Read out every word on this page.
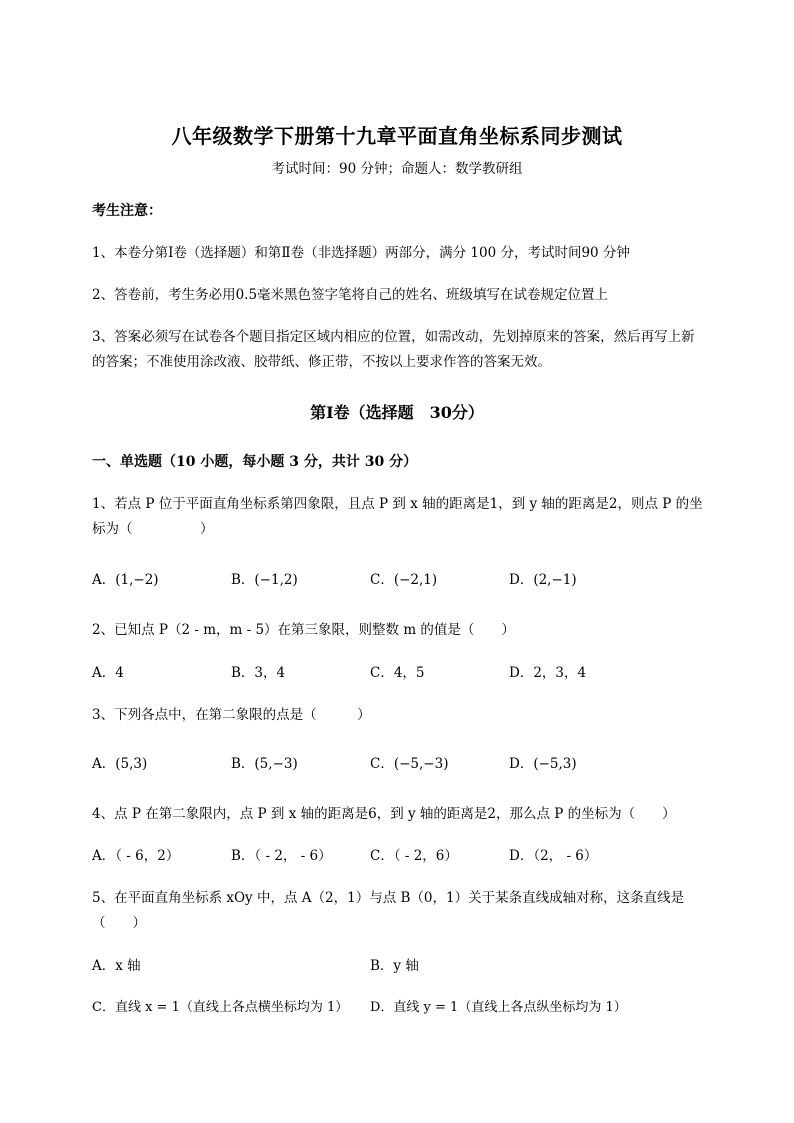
八年级数学下册第十九章平面直角坐标系同步测试
考试时间：90 分钟；命题人：数学教研组
考生注意：
1、本卷分第Ⅰ卷（选择题）和第Ⅱ卷（非选择题）两部分，满分 100 分，考试时间90 分钟
2、答卷前，考生务必用0.5毫米黑色签字笔将自己的姓名、班级填写在试卷规定位置上
3、答案必须写在试卷各个题目指定区域内相应的位置，如需改动，先划掉原来的答案，然后再写上新
的答案；不准使用涂改液、胶带纸、修正带，不按以上要求作答的答案无效。
第Ⅰ卷（选择题　30分）
一、单选题（10 小题，每小题 3 分，共计 30 分）
1、若点 P 位于平面直角坐标系第四象限，且点 P 到 x 轴的距离是1，到 y 轴的距离是2，则点 P 的坐
标为（　　　　　）
A．(1,−2)	B．(−1,2)	C．(−2,1)	D．(2,−1)
2、已知点 P（2 - m，m - 5）在第三象限，则整数 m 的值是（　　）
A．4	B．3，4	C．4，5	D．2，3，4
3、下列各点中，在第二象限的点是（　　　）
A．(5,3)	B．(5,−3)	C．(−5,−3)	D．(−5,3)
4、点 P 在第二象限内，点 P 到 x 轴的距离是6，到 y 轴的距离是2，那么点 P 的坐标为（　　）
A．（ - 6，2）	B．（ - 2， - 6）	C．（ - 2，6）	D．（2， - 6）
5、在平面直角坐标系 xOy 中，点 A（2，1）与点 B（0，1）关于某条直线成轴对称，这条直线是
（　　）
A．x 轴	B．y 轴
C．直线 x = 1（直线上各点横坐标均为 1） D．直线 y = 1（直线上各点纵坐标均为 1）
